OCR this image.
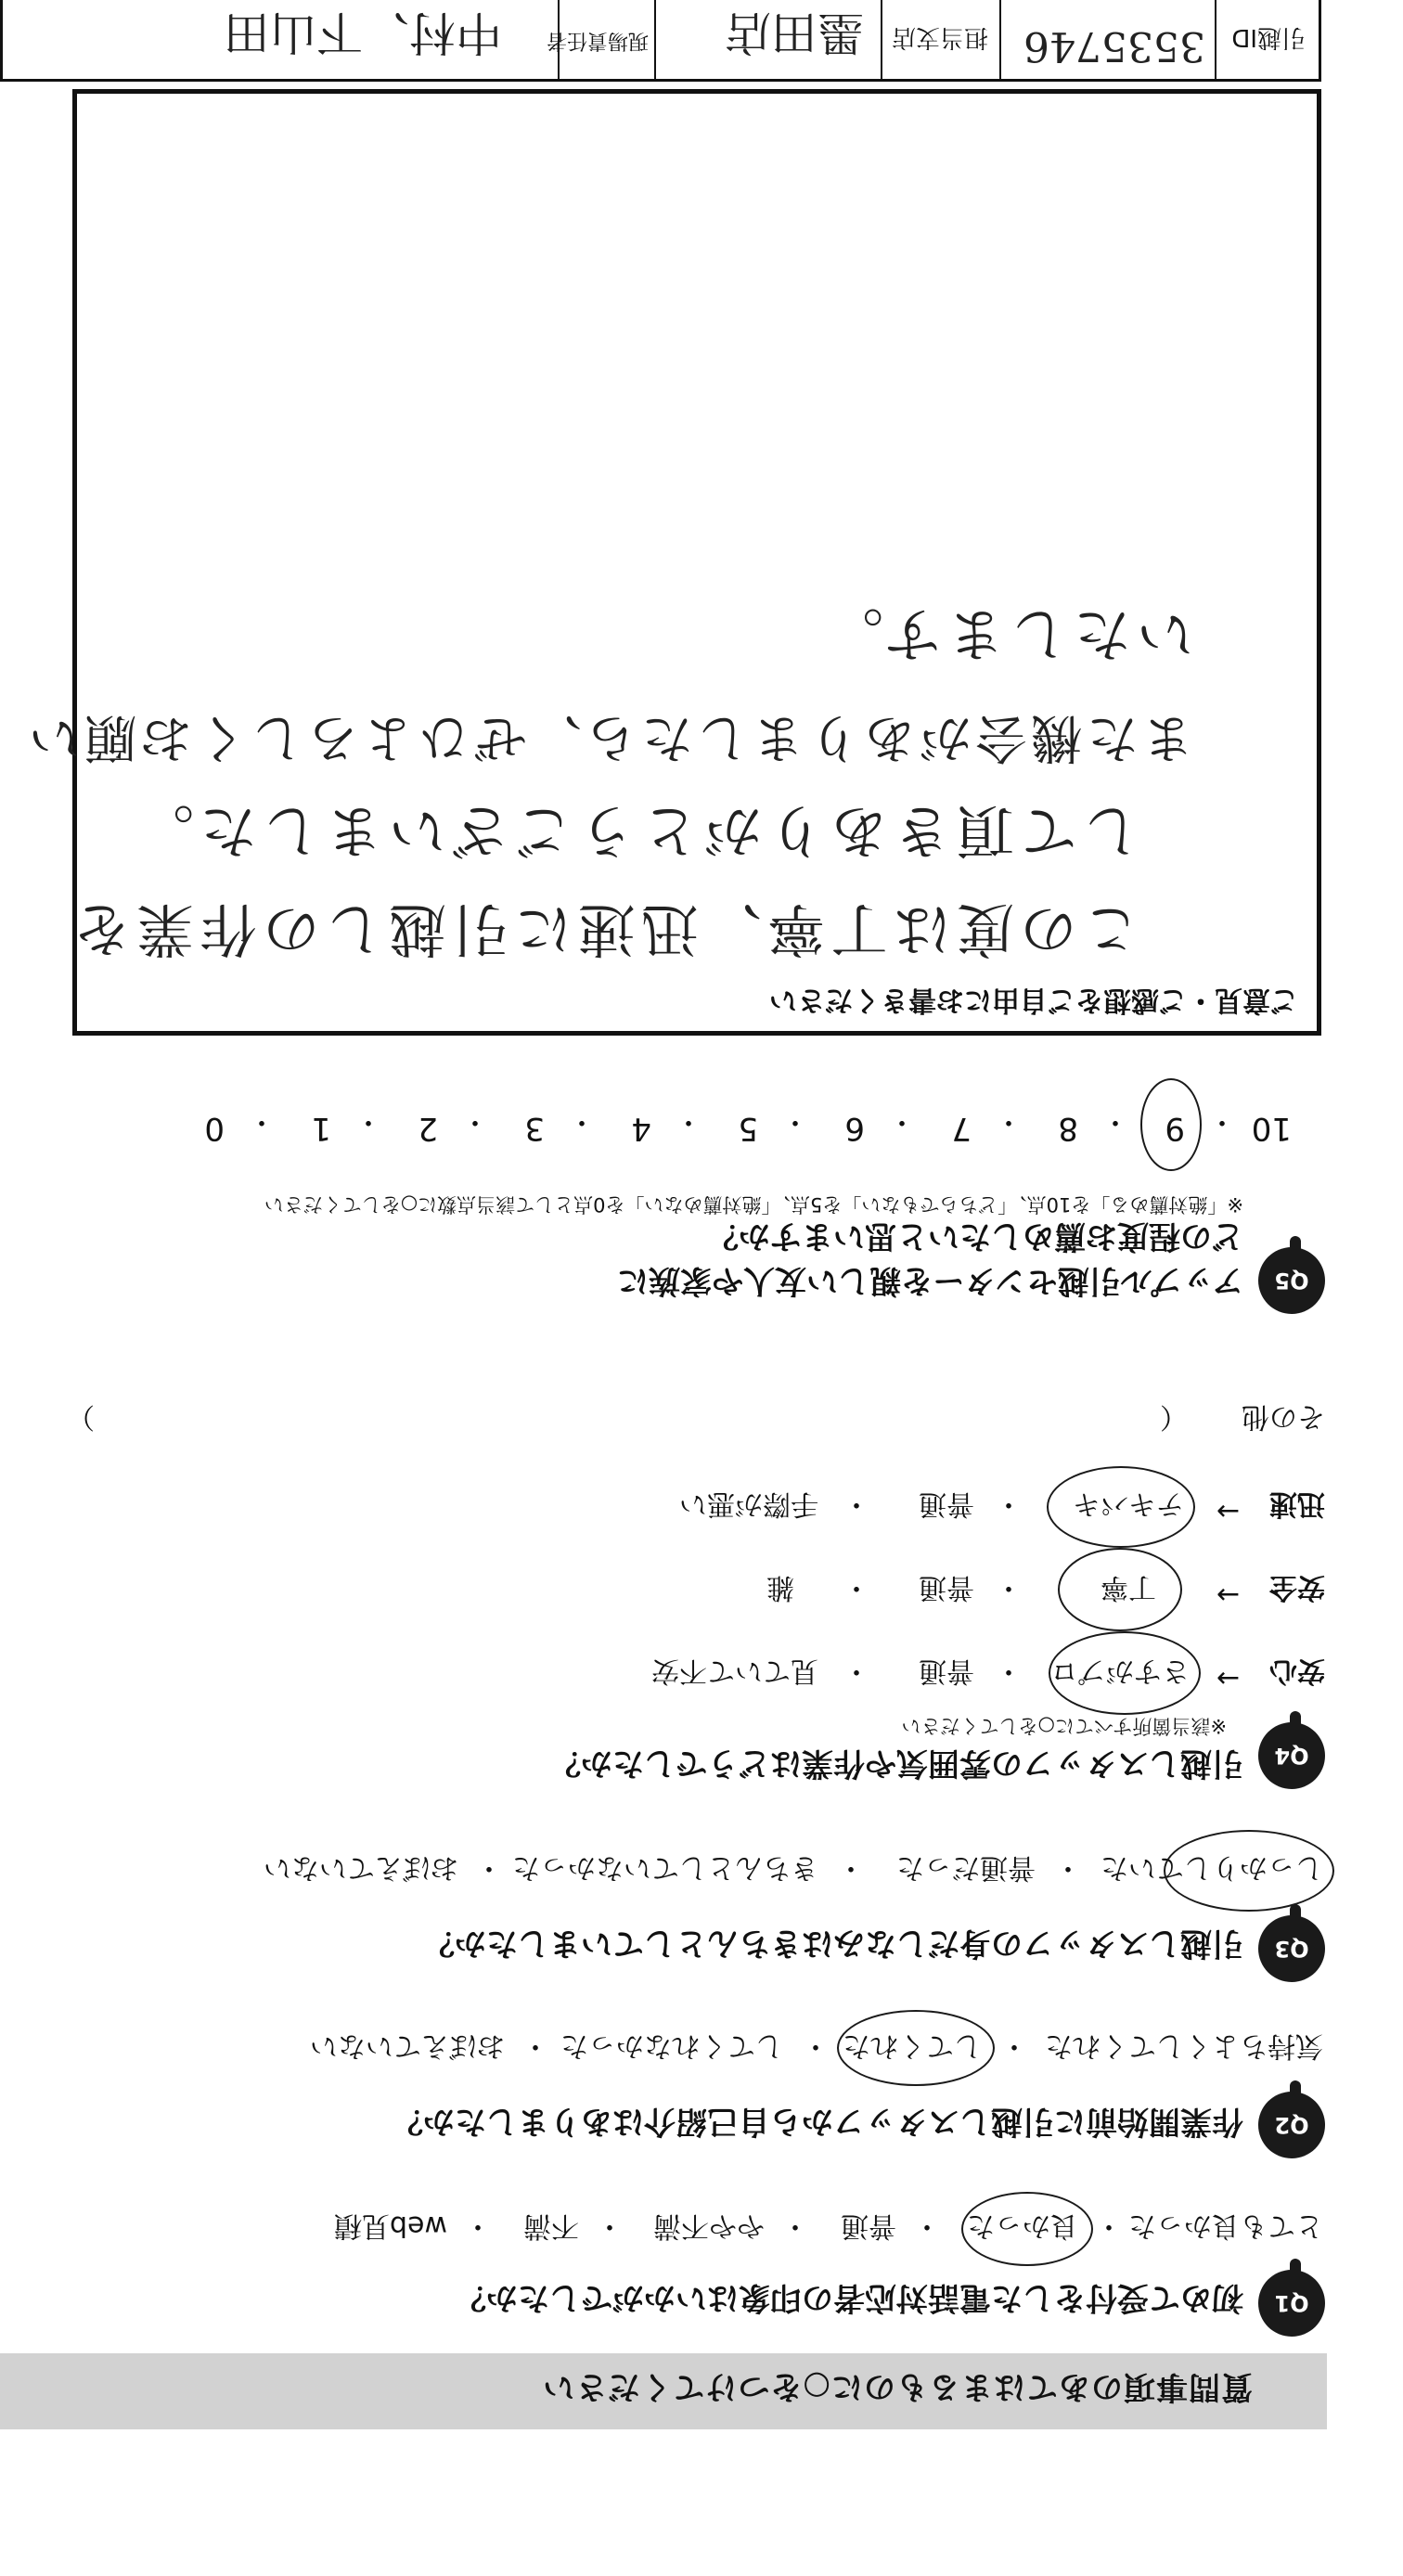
質問事項のあてはまるものに○をつけてください
Q1
初めて受付をした電話対応者の印象はいかがでしたか？
とても良かった
・
良かった
・
普通
・
やや不満
・
不満
・
web見積
Q2
作業開始前に引越しスタッフから自己紹介はありましたか？
気持ちよくしてくれた
・
してくれた
・
してくれなかった
・
おぼえていない
Q3
引越しスタッフの身だしなみはきちんとしていましたか？
しっかりしていた
・
普通だった
・
きちんとしていなかった
・
おぼえていない
Q4
引越しスタッフの雰囲気や作業はどうでしたか？
※該当箇所すべてに○をしてください
安心
→
さすがプロ
・
普通
・
見ていて不安
安全
→
丁寧
・
普通
・
雑
迅速
→
テキパキ
・
普通
・
手際が悪い
その他
（
）
Q5
アップル引越センターを親しい友人や家族に
どの程度お薦めしたいと思いますか？
※「絶対薦める」を10点、「どちらでもない」を5点、「絶対薦めない」を0点として該当点数に○をしてください
10
・
9
・
8
・
7
・
6
・
5
・
4
・
3
・
2
・
1
・
0
ご意見・ご感想をご自由にお書きください
この度は丁寧、迅速に引越しの作業を
して頂きありがとうございました。
また機会がありましたら、ぜひよろしくお願い
いたします。
引越ID
3535746
担当支店
墨田店
現場責任者
中村、下山田
